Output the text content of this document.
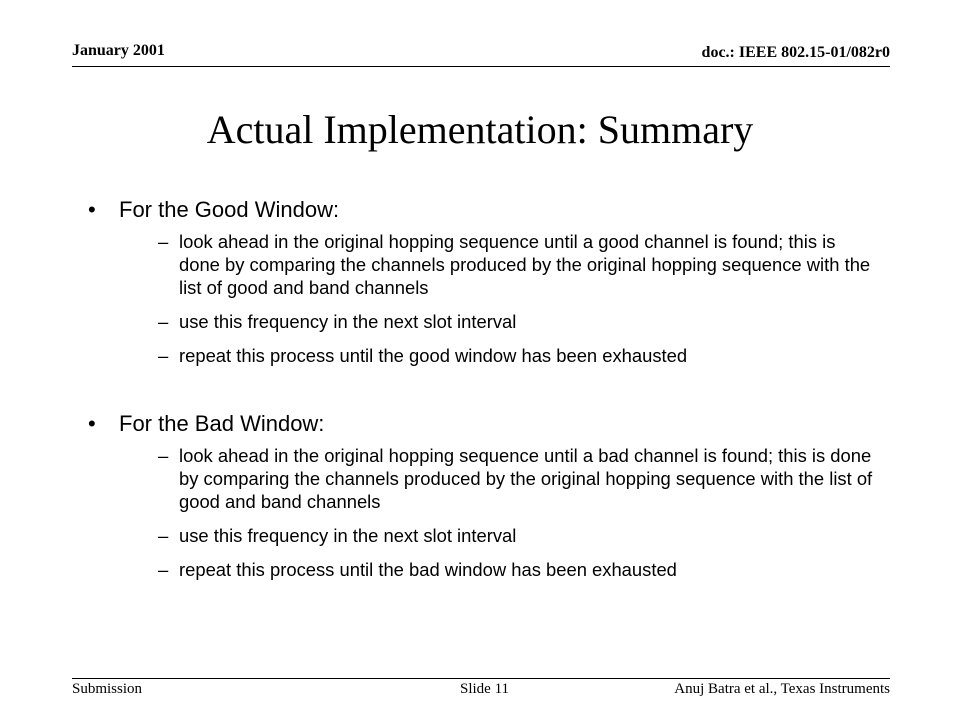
January 2001	doc.: IEEE 802.15-01/082r0
Actual Implementation: Summary
•	For the Good Window:
– look ahead in the original hopping sequence until a good channel is found; this is done by comparing the channels produced by the original hopping sequence with the list of good and band channels
– use this frequency in the next slot interval
– repeat this process until the good window has been exhausted
•	For the Bad Window:
– look ahead in the original hopping sequence until a bad channel is found; this is done by comparing the channels produced by the original hopping sequence with the list of good and band channels
– use this frequency in the next slot interval
– repeat this process until the bad window has been exhausted
Submission	Slide 11	Anuj Batra et al., Texas Instruments
